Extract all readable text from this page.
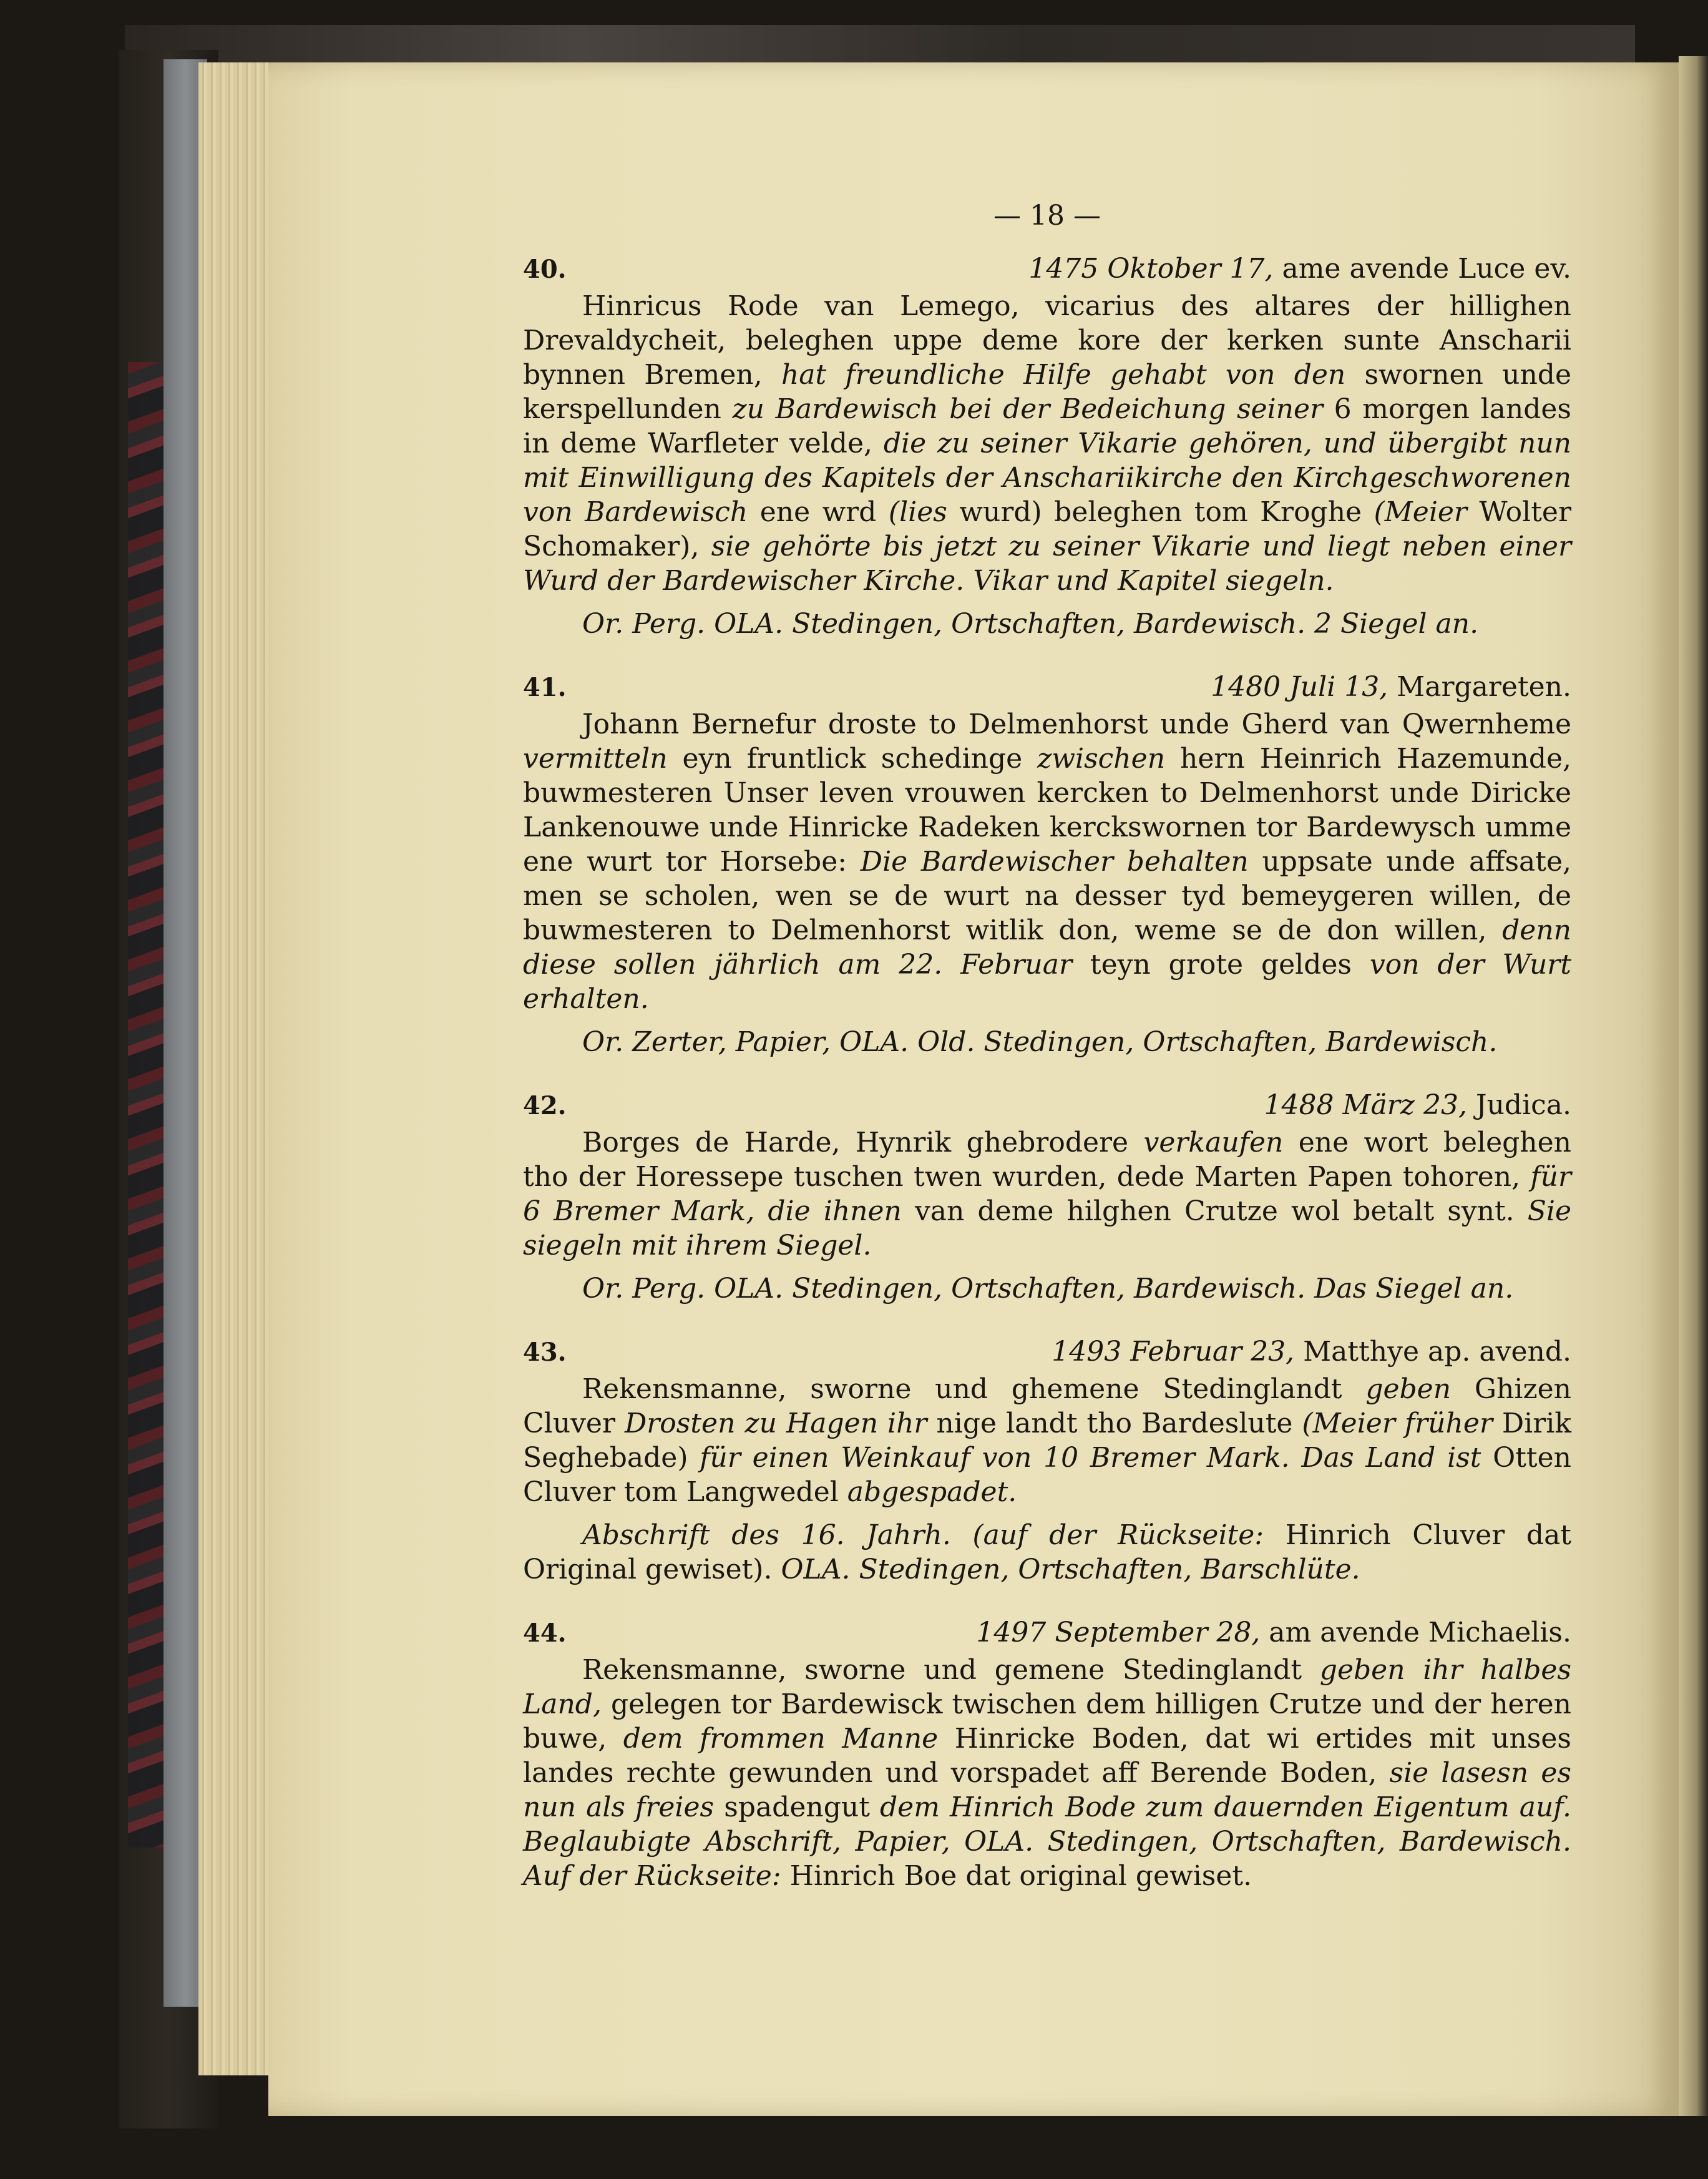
— 18 —
40.	1475 Oktober 17, ame avende Luce ev.
Hinricus Rode van Lemego, vicarius des altares der hillighen Drevaldycheit, beleghen uppe deme kore der kerken sunte Anscharii bynnen Bremen, hat freundliche Hilfe gehabt von den swornen unde kerspellunden zu Bardewisch bei der Bedeichung seiner 6 morgen landes in deme Warfleter velde, die zu seiner Vikarie gehören, und übergibt nun mit Einwilligung des Kapitels der Anschariikirche den Kirchgeschworenen von Bardewisch ene wrd (lies wurd) beleghen tom Kroghe (Meier Wolter Schomaker), sie gehörte bis jetzt zu seiner Vikarie und liegt neben einer Wurd der Bardewischer Kirche. Vikar und Kapitel siegeln.
Or. Perg. OLA. Stedingen, Ortschaften, Bardewisch. 2 Siegel an.
41.	1480 Juli 13, Margareten.
Johann Bernefur droste to Delmenhorst unde Gherd van Qwernheme vermitteln eyn fruntlick schedinge zwischen hern Heinrich Hazemunde, buwmesteren Unser leven vrouwen kercken to Delmenhorst unde Diricke Lankenouwe unde Hinricke Radeken kerckswornen tor Bardewysch umme ene wurt tor Horsebe: Die Bardewischer behalten uppsate unde affsate, men se scholen, wen se de wurt na desser tyd bemeygeren willen, de buwmesteren to Delmenhorst witlik don, weme se de don willen, denn diese sollen jährlich am 22. Februar teyn grote geldes von der Wurt erhalten.
Or. Zerter, Papier, OLA. Old. Stedingen, Ortschaften, Bardewisch.
42.	1488 März 23, Judica.
Borges de Harde, Hynrik ghebrodere verkaufen ene wort beleghen tho der Horessepe tuschen twen wurden, dede Marten Papen tohoren, für 6 Bremer Mark, die ihnen van deme hilghen Crutze wol betalt synt. Sie siegeln mit ihrem Siegel.
Or. Perg. OLA. Stedingen, Ortschaften, Bardewisch. Das Siegel an.
43.	1493 Februar 23, Matthye ap. avend.
Rekensmanne, sworne und ghemene Stedinglandt geben Ghizen Cluver Drosten zu Hagen ihr nige landt tho Bardeslute (Meier früher Dirik Seghebade) für einen Weinkauf von 10 Bremer Mark. Das Land ist Otten Cluver tom Langwedel abgespadet.
Abschrift des 16. Jahrh. (auf der Rückseite: Hinrich Cluver dat Original gewiset). OLA. Stedingen, Ortschaften, Barschlüte.
44.	1497 September 28, am avende Michaelis.
Rekensmanne, sworne und gemene Stedinglandt geben ihr halbes Land, gelegen tor Bardewisck twischen dem hilligen Crutze und der heren buwe, dem frommen Manne Hinricke Boden, dat wi ertides mit unses landes rechte gewunden und vorspadet aff Berende Boden, sie lasesn es nun als freies spadengut dem Hinrich Bode zum dauernden Eigentum auf. Beglaubigte Abschrift, Papier, OLA. Stedingen, Ortschaften, Bardewisch. Auf der Rückseite: Hinrich Boe dat original gewiset.
